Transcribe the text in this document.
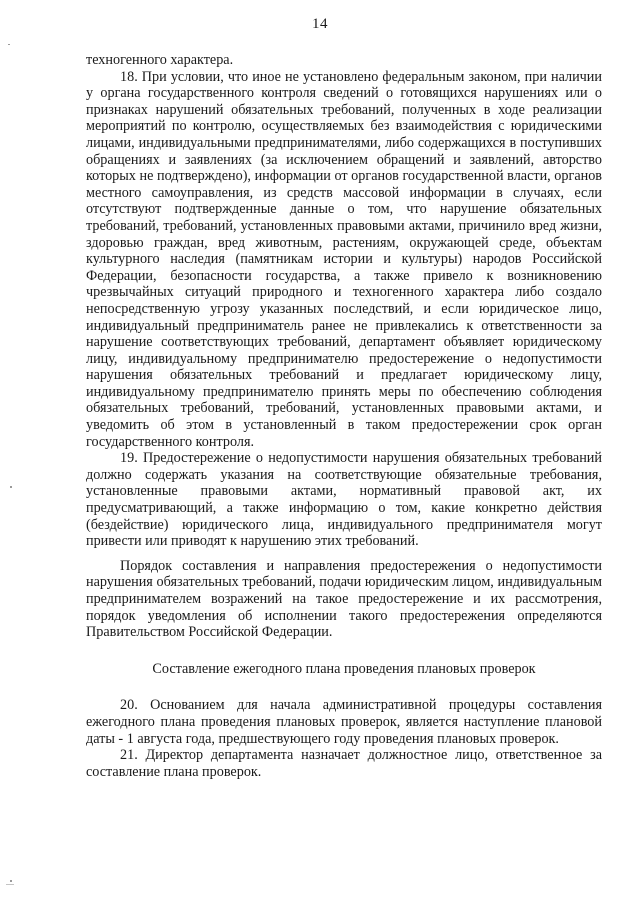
14

техногенного характера.

18. При условии, что иное не установлено федеральным законом, при наличии у органа государственного контроля сведений о готовящихся нарушениях или о признаках нарушений обязательных требований, полученных в ходе реализации мероприятий по контролю, осуществляемых без взаимодействия с юридическими лицами, индивидуальными предпринимателями, либо содержащихся в поступивших обращениях и заявлениях (за исключением обращений и заявлений, авторство которых не подтверждено), информации от органов государственной власти, органов местного самоуправления, из средств массовой информации в случаях, если отсутствуют подтвержденные данные о том, что нарушение обязательных требований, требований, установленных правовыми актами, причинило вред жизни, здоровью граждан, вред животным, растениям, окружающей среде, объектам культурного наследия (памятникам истории и культуры) народов Российской Федерации, безопасности государства, а также привело к возникновению чрезвычайных ситуаций природного и техногенного характера либо создало непосредственную угрозу указанных последствий, и если юридическое лицо, индивидуальный предприниматель ранее не привлекались к ответственности за нарушение соответствующих требований, департамент объявляет юридическому лицу, индивидуальному предпринимателю предостережение о недопустимости нарушения обязательных требований и предлагает юридическому лицу, индивидуальному предпринимателю принять меры по обеспечению соблюдения обязательных требований, требований, установленных правовыми актами, и уведомить об этом в установленный в таком предостережении срок орган государственного контроля.

19. Предостережение о недопустимости нарушения обязательных требований должно содержать указания на соответствующие обязательные требования, установленные правовыми актами, нормативный правовой акт, их предусматривающий, а также информацию о том, какие конкретно действия (бездействие) юридического лица, индивидуального предпринимателя могут привести или приводят к нарушению этих требований.

Порядок составления и направления предостережения о недопустимости нарушения обязательных требований, подачи юридическим лицом, индивидуальным предпринимателем возражений на такое предостережение и их рассмотрения, порядок уведомления об исполнении такого предостережения определяются Правительством Российской Федерации.

Составление ежегодного плана проведения плановых проверок

20. Основанием для начала административной процедуры составления ежегодного плана проведения плановых проверок, является наступление плановой даты - 1 августа года, предшествующего году проведения плановых проверок.

21. Директор департамента назначает должностное лицо, ответственное за составление плана проверок.
